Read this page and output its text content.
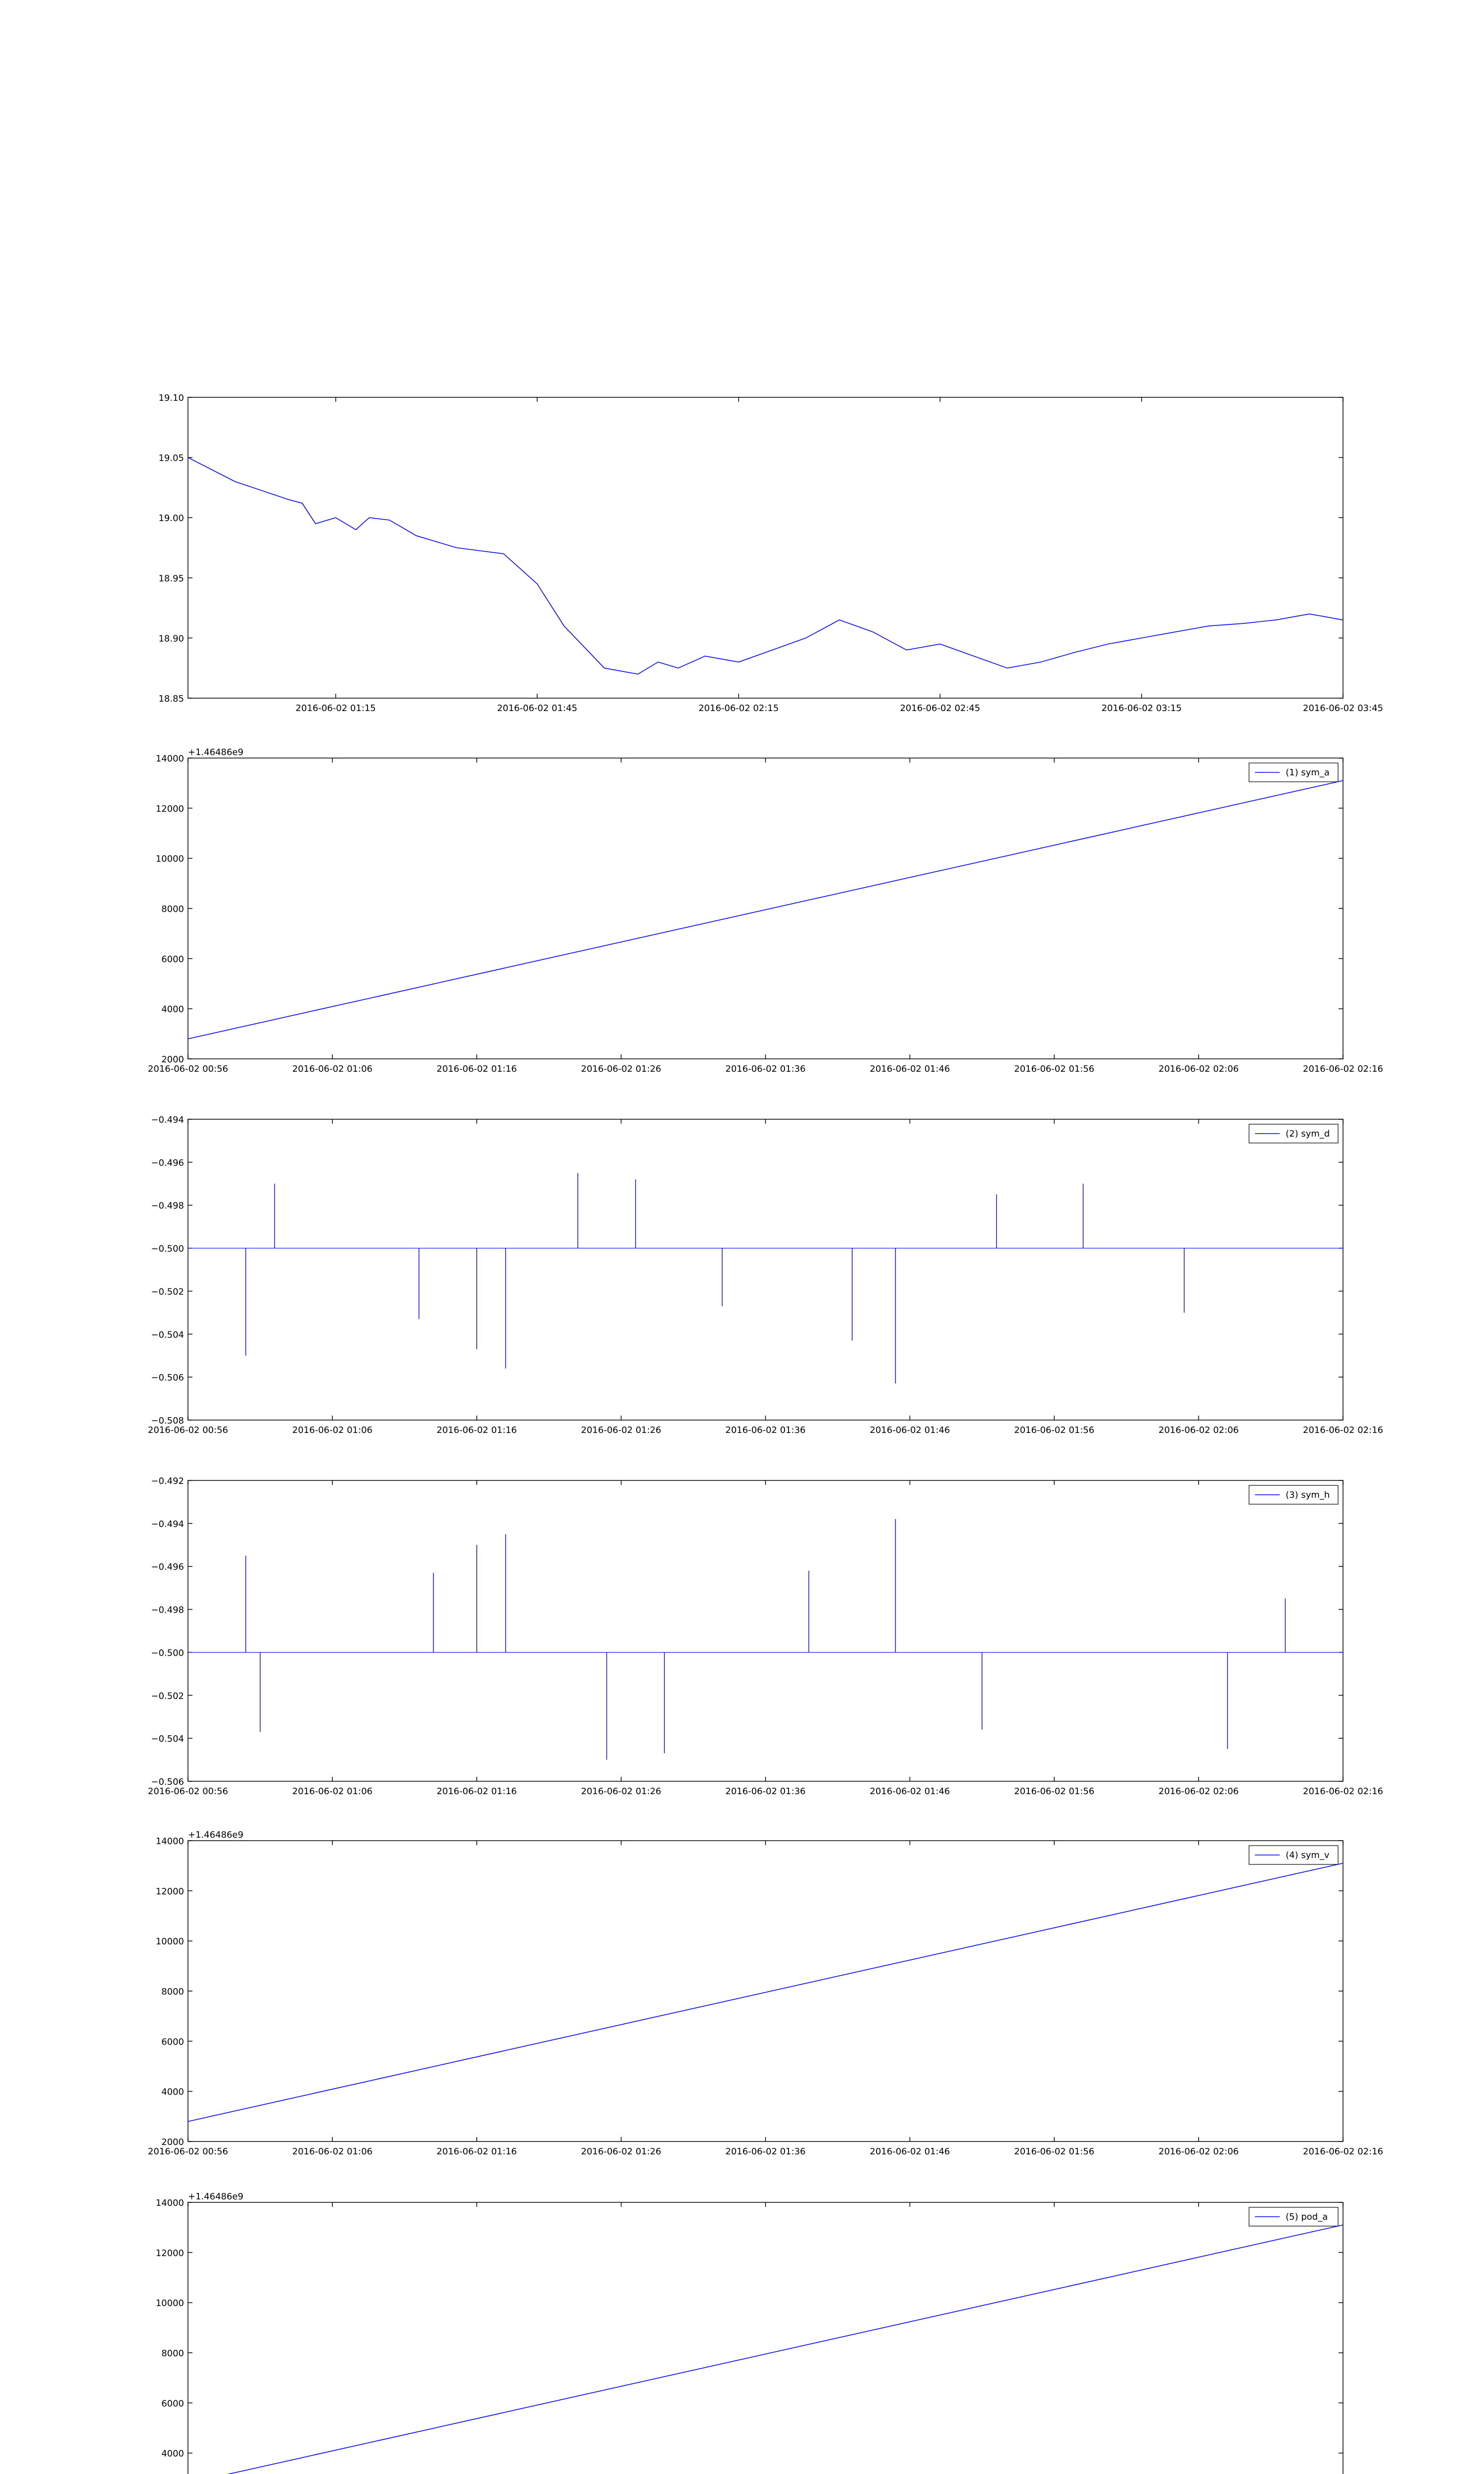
18.85
18.90
18.95
19.00
19.05
19.10
2016-06-02 01:15	2016-06-02 01:45	2016-06-02 02:15	2016-06-02 02:45	2016-06-02 03:15	2016-06-02 03:45
2000
4000
6000
8000
10000
12000
14000
2016-06-02 00:56	2016-06-02 01:06	2016-06-02 01:16	2016-06-02 01:26	2016-06-02 01:36	2016-06-02 01:46	2016-06-02 01:56	2016-06-02 02:06	2016-06-02 02:16
+1.46486e9
(1) sym_a
−0.508
−0.506
−0.504
−0.502
−0.500
−0.498
−0.496
−0.494
2016-06-02 00:56	2016-06-02 01:06	2016-06-02 01:16	2016-06-02 01:26	2016-06-02 01:36	2016-06-02 01:46	2016-06-02 01:56	2016-06-02 02:06	2016-06-02 02:16
(2) sym_d
−0.506
−0.504
−0.502
−0.500
−0.498
−0.496
−0.494
−0.492
2016-06-02 00:56	2016-06-02 01:06	2016-06-02 01:16	2016-06-02 01:26	2016-06-02 01:36	2016-06-02 01:46	2016-06-02 01:56	2016-06-02 02:06	2016-06-02 02:16
(3) sym_h
2000
4000
6000
8000
10000
12000
14000
2016-06-02 00:56	2016-06-02 01:06	2016-06-02 01:16	2016-06-02 01:26	2016-06-02 01:36	2016-06-02 01:46	2016-06-02 01:56	2016-06-02 02:06	2016-06-02 02:16
+1.46486e9
(4) sym_v
4000
6000
8000
10000
12000
14000
+1.46486e9
(5) pod_a
